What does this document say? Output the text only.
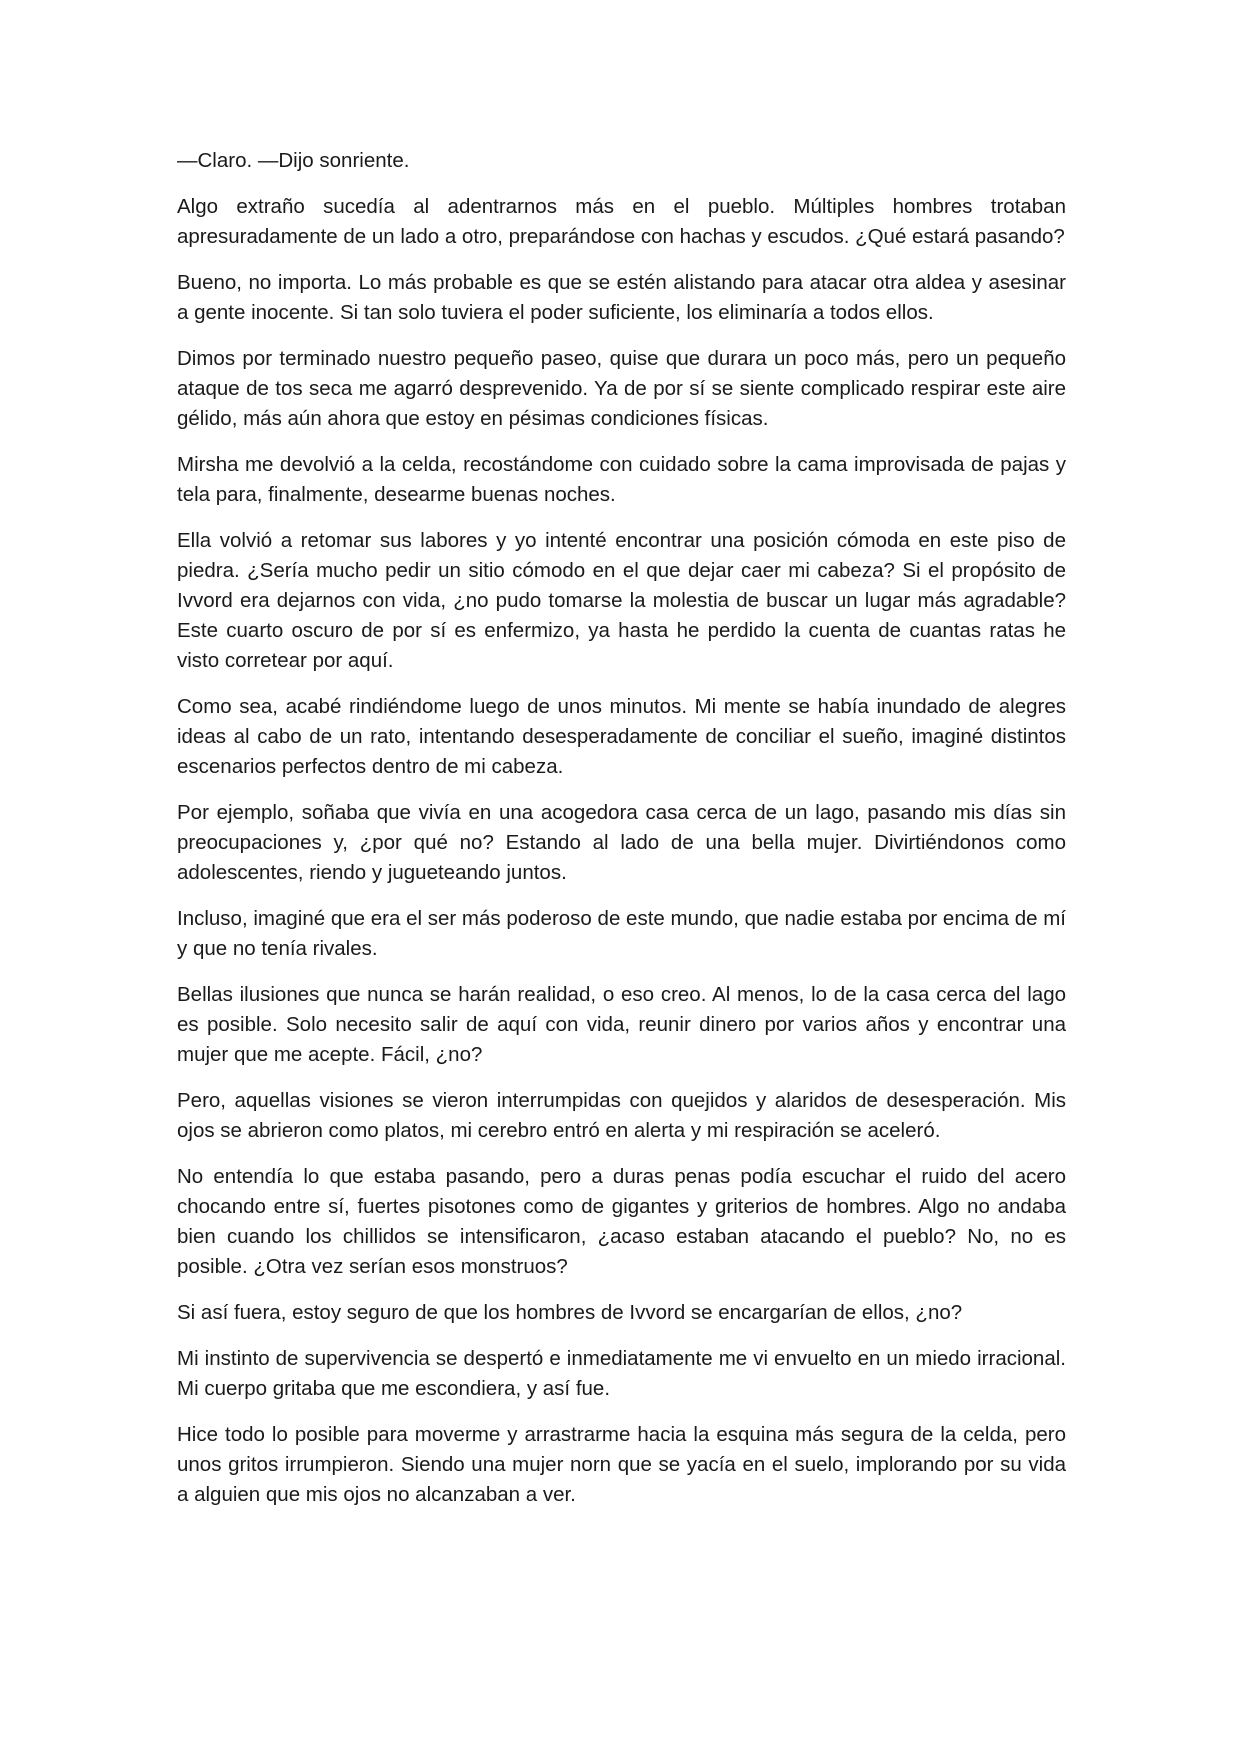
—Claro. —Dijo sonriente.

Algo extraño sucedía al adentrarnos más en el pueblo. Múltiples hombres trotaban apresuradamente de un lado a otro, preparándose con hachas y escudos. ¿Qué estará pasando?

Bueno, no importa. Lo más probable es que se estén alistando para atacar otra aldea y asesinar a gente inocente. Si tan solo tuviera el poder suficiente, los eliminaría a todos ellos.

Dimos por terminado nuestro pequeño paseo, quise que durara un poco más, pero un pequeño ataque de tos seca me agarró desprevenido. Ya de por sí se siente complicado respirar este aire gélido, más aún ahora que estoy en pésimas condiciones físicas.

Mirsha me devolvió a la celda, recostándome con cuidado sobre la cama improvisada de pajas y tela para, finalmente, desearme buenas noches.

Ella volvió a retomar sus labores y yo intenté encontrar una posición cómoda en este piso de piedra. ¿Sería mucho pedir un sitio cómodo en el que dejar caer mi cabeza? Si el propósito de Ivvord era dejarnos con vida, ¿no pudo tomarse la molestia de buscar un lugar más agradable? Este cuarto oscuro de por sí es enfermizo, ya hasta he perdido la cuenta de cuantas ratas he visto corretear por aquí.

Como sea, acabé rindiéndome luego de unos minutos. Mi mente se había inundado de alegres ideas al cabo de un rato, intentando desesperadamente de conciliar el sueño, imaginé distintos escenarios perfectos dentro de mi cabeza.

Por ejemplo, soñaba que vivía en una acogedora casa cerca de un lago, pasando mis días sin preocupaciones y, ¿por qué no? Estando al lado de una bella mujer. Divirtiéndonos como adolescentes, riendo y jugueteando juntos.

Incluso, imaginé que era el ser más poderoso de este mundo, que nadie estaba por encima de mí y que no tenía rivales.

Bellas ilusiones que nunca se harán realidad, o eso creo. Al menos, lo de la casa cerca del lago es posible. Solo necesito salir de aquí con vida, reunir dinero por varios años y encontrar una mujer que me acepte. Fácil, ¿no?

Pero, aquellas visiones se vieron interrumpidas con quejidos y alaridos de desesperación. Mis ojos se abrieron como platos, mi cerebro entró en alerta y mi respiración se aceleró.

No entendía lo que estaba pasando, pero a duras penas podía escuchar el ruido del acero chocando entre sí, fuertes pisotones como de gigantes y griterios de hombres. Algo no andaba bien cuando los chillidos se intensificaron, ¿acaso estaban atacando el pueblo? No, no es posible. ¿Otra vez serían esos monstruos?

Si así fuera, estoy seguro de que los hombres de Ivvord se encargarían de ellos, ¿no?

Mi instinto de supervivencia se despertó e inmediatamente me vi envuelto en un miedo irracional. Mi cuerpo gritaba que me escondiera, y así fue.

Hice todo lo posible para moverme y arrastrarme hacia la esquina más segura de la celda, pero unos gritos irrumpieron. Siendo una mujer norn que se yacía en el suelo, implorando por su vida a alguien que mis ojos no alcanzaban a ver.
